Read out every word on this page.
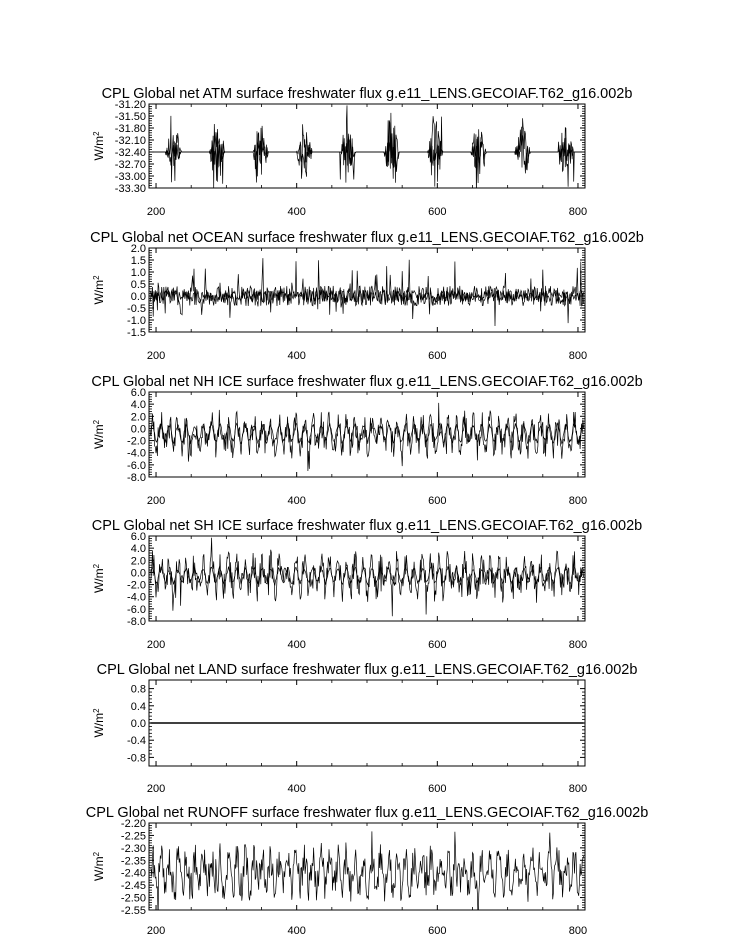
CPL Global net ATM surface freshwater flux g.e11_LENS.GECOIAF.T62_g16.002b
-31.20
-31.50
-31.80
-32.10
-32.40
-32.70
-33.00
-33.30
200	400	600	800
$W/m^2$
CPL Global net OCEAN surface freshwater flux g.e11_LENS.GECOIAF.T62_g16.002b
2.0
1.5
1.0
0.5
0.0
-0.5
-1.0
-1.5
200	400	600	800
$W/m^2$
CPL Global net NH ICE surface freshwater flux g.e11_LENS.GECOIAF.T62_g16.002b
6.0
4.0
2.0
0.0
-2.0
-4.0
-6.0
-8.0
200	400	600	800
$W/m^2$
CPL Global net SH ICE surface freshwater flux g.e11_LENS.GECOIAF.T62_g16.002b
6.0
4.0
2.0
0.0
-2.0
-4.0
-6.0
-8.0
200	400	600	800
$W/m^2$
CPL Global net LAND surface freshwater flux g.e11_LENS.GECOIAF.T62_g16.002b
0.8
0.4
0.0
-0.4
-0.8
200	400	600	800
$W/m^2$
CPL Global net RUNOFF surface freshwater flux g.e11_LENS.GECOIAF.T62_g16.002b
-2.20
-2.25
-2.30
-2.35
-2.40
-2.45
-2.50
-2.55
200	400	600	800
$W/m^2$
